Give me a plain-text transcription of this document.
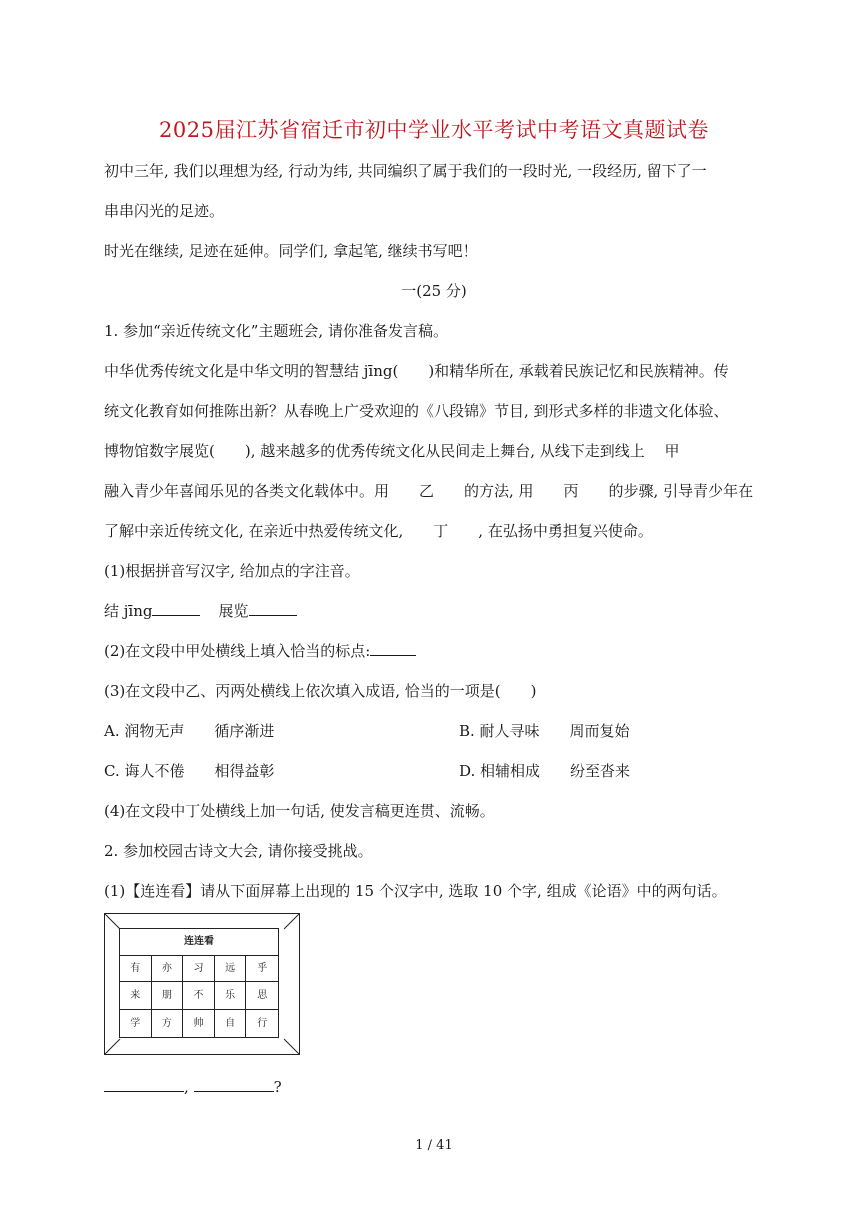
2025届江苏省宿迁市初中学业水平考试中考语文真题试卷
初中三年, 我们以理想为经, 行动为纬, 共同编织了属于我们的一段时光, 一段经历, 留下了一
串串闪光的足迹。
时光在继续, 足迹在延伸。同学们, 拿起笔, 继续书写吧！
一(25 分)
1. 参加“亲近传统文化”主题班会, 请你准备发言稿。
中华优秀传统文化是中华文明的智慧结 jīng(　　)和精华所在, 承载着民族记忆和民族精神。传
统文化教育如何推陈出新？从春晚上广受欢迎的《八段锦》节目, 到形式多样的非遗文化体验、
博物馆数字展览(　　), 越来越多的优秀传统文化从民间走上舞台, 从线下走到线上　 甲
融入青少年喜闻乐见的各类文化载体中。用　　乙　　的方法, 用　　丙　　的步骤, 引导青少年在
了解中亲近传统文化, 在亲近中热爱传统文化,　　丁　　, 在弘扬中勇担复兴使命。
(1)根据拼音写汉字, 给加点的字注音。
结 jīng	展览
(2)在文段中甲处横线上填入恰当的标点:
(3)在文段中乙、丙两处横线上依次填入成语, 恰当的一项是(　　)
A. 润物无声　　循序渐进	B. 耐人寻味　　周而复始
C. 诲人不倦　　相得益彰	D. 相辅相成　　纷至沓来
(4)在文段中丁处横线上加一句话, 使发言稿更连贯、流畅。
2. 参加校园古诗文大会, 请你接受挑战。
(1)【连连看】请从下面屏幕上出现的 15 个汉字中, 选取 10 个字, 组成《论语》中的两句话。
连连看
有	亦	习	远	乎
来	朋	不	乐	思
学	方	帅	自	行
,	?
1 / 41
